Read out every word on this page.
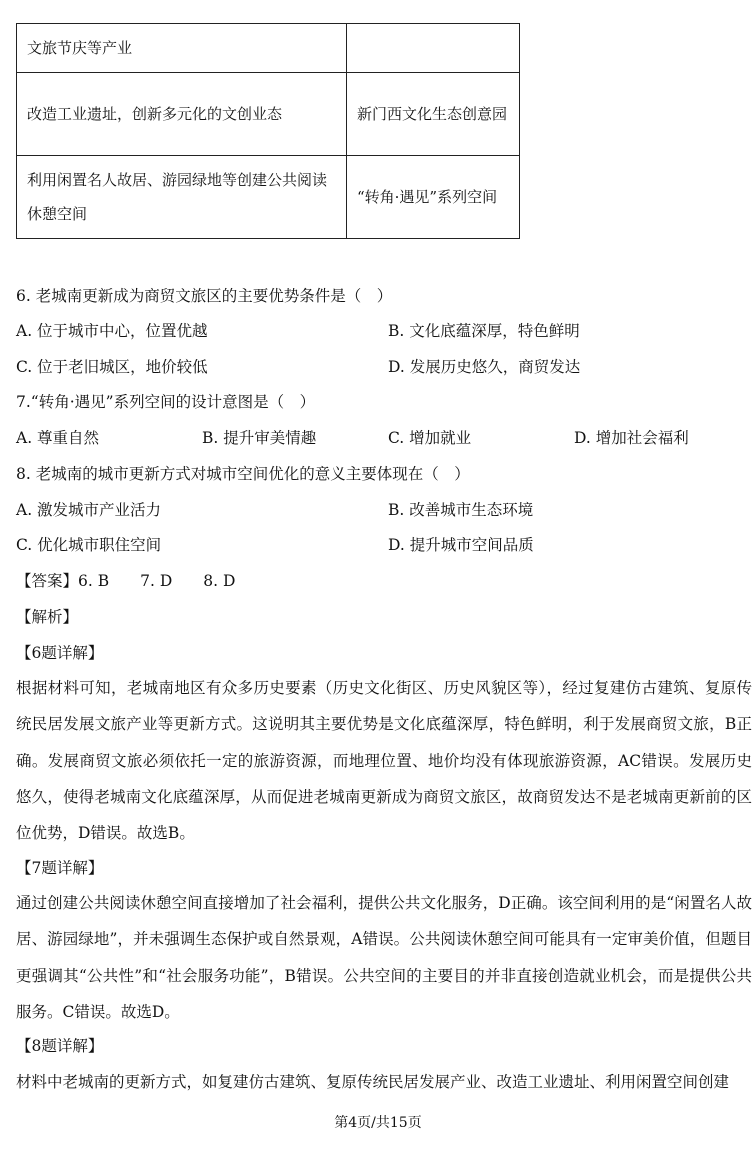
文旅节庆等产业	
改造工业遗址，创新多元化的文创业态	新门西文化生态创意园
利用闲置名人故居、游园绿地等创建公共阅读休憩空间	“转角·遇见”系列空间
6. 老城南更新成为商贸文旅区的主要优势条件是（　）
A. 位于城市中心，位置优越	B. 文化底蕴深厚，特色鲜明
C. 位于老旧城区，地价较低	D. 发展历史悠久，商贸发达
7.“转角·遇见”系列空间的设计意图是（　）
A. 尊重自然	B. 提升审美情趣	C. 增加就业	D. 增加社会福利
8. 老城南的城市更新方式对城市空间优化的意义主要体现在（　）
A. 激发城市产业活力	B. 改善城市生态环境
C. 优化城市职住空间	D. 提升城市空间品质
【答案】6. B　　7. D　　8. D
【解析】
【6题详解】
根据材料可知，老城南地区有众多历史要素（历史文化街区、历史风貌区等），经过复建仿古建筑、复原传统民居发展文旅产业等更新方式。这说明其主要优势是文化底蕴深厚，特色鲜明，利于发展商贸文旅，B正确。发展商贸文旅必须依托一定的旅游资源，而地理位置、地价均没有体现旅游资源，AC错误。发展历史悠久，使得老城南文化底蕴深厚，从而促进老城南更新成为商贸文旅区，故商贸发达不是老城南更新前的区位优势，D错误。故选B。
【7题详解】
通过创建公共阅读休憩空间直接增加了社会福利，提供公共文化服务，D正确。该空间利用的是“闲置名人故居、游园绿地”，并未强调生态保护或自然景观，A错误。公共阅读休憩空间可能具有一定审美价值，但题目更强调其“公共性”和“社会服务功能”，B错误。公共空间的主要目的并非直接创造就业机会，而是提供公共服务。C错误。故选D。
【8题详解】
材料中老城南的更新方式，如复建仿古建筑、复原传统民居发展产业、改造工业遗址、利用闲置空间创建
第4页/共15页
